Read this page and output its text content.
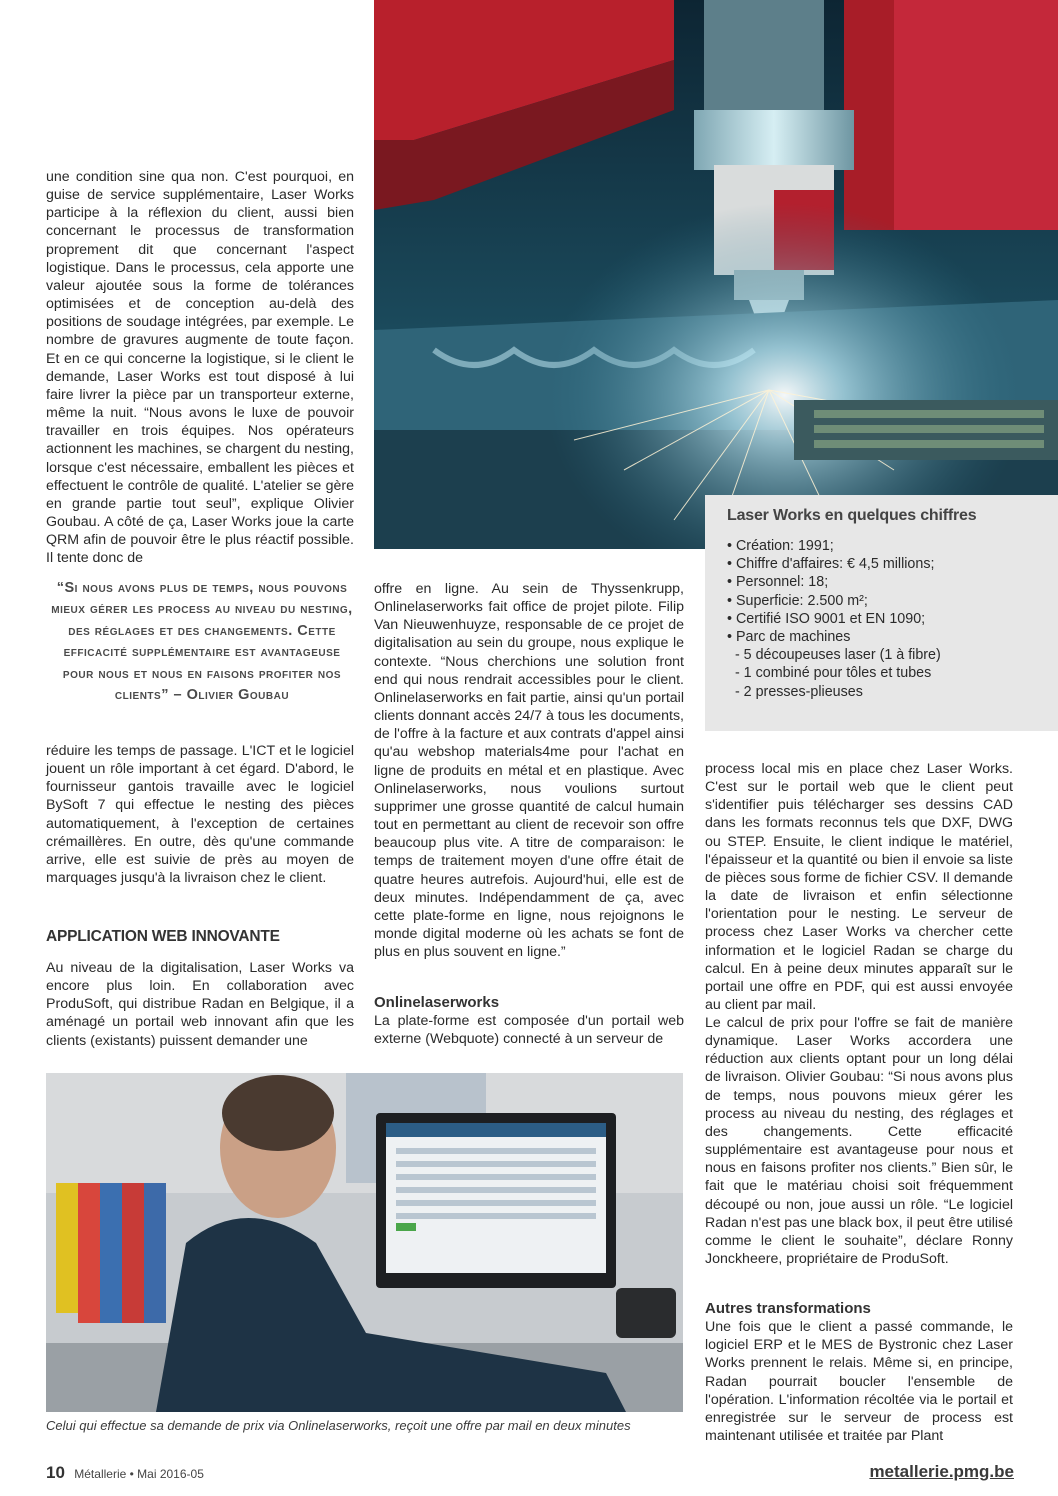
une condition sine qua non. C'est pourquoi, en guise de service supplémentaire, Laser Works participe à la réflexion du client, aussi bien concernant le processus de transformation proprement dit que concernant l'aspect logistique. Dans le processus, cela apporte une valeur ajoutée sous la forme de tolérances optimisées et de conception au-delà des positions de soudage intégrées, par exemple. Le nombre de gravures augmente de toute façon. Et en ce qui concerne la logistique, si le client le demande, Laser Works est tout disposé à lui faire livrer la pièce par un transporteur externe, même la nuit. “Nous avons le luxe de pouvoir travailler en trois équipes. Nos opérateurs actionnent les machines, se chargent du nesting, lorsque c'est nécessaire, emballent les pièces et effectuent le contrôle de qualité. L'atelier se gère en grande partie tout seul”, explique Olivier Goubau. A côté de ça, Laser Works joue la carte QRM afin de pouvoir être le plus réactif possible. Il tente donc de

“Si nous avons plus de temps, nous pouvons mieux gérer les process au niveau du nesting, des réglages et des changements. Cette efficacité supplémentaire est avantageuse pour nous et nous en faisons profiter nos clients” – Olivier Goubau

réduire les temps de passage. L'ICT et le logiciel jouent un rôle important à cet égard. D'abord, le fournisseur gantois travaille avec le logiciel BySoft 7 qui effectue le nesting des pièces automatiquement, à l'exception de certaines crémaillères. En outre, dès qu'une commande arrive, elle est suivie de près au moyen de marquages jusqu'à la livraison chez le client.

APPLICATION WEB INNOVANTE

Au niveau de la digitalisation, Laser Works va encore plus loin. En collaboration avec ProduSoft, qui distribue Radan en Belgique, il a aménagé un portail web innovant afin que les clients (existants) puissent demander une

offre en ligne. Au sein de Thyssenkrupp, Onlinelaserworks fait office de projet pilote. Filip Van Nieuwenhuyze, responsable de ce projet de digitalisation au sein du groupe, nous explique le contexte. “Nous cherchions une solution front end qui nous rendrait accessibles pour le client. Onlinelaserworks en fait partie, ainsi qu'un portail clients donnant accès 24/7 à tous les documents, de l'offre à la facture et aux contrats d'appel ainsi qu'au webshop materials4me pour l'achat en ligne de produits en métal et en plastique. Avec Onlinelaserworks, nous voulions surtout supprimer une grosse quantité de calcul humain tout en permettant au client de recevoir son offre beaucoup plus vite. A titre de comparaison: le temps de traitement moyen d'une offre était de quatre heures autrefois. Aujourd'hui, elle est de deux minutes. Indépendamment de ça, avec cette plate-forme en ligne, nous rejoignons le monde digital moderne où les achats se font de plus en plus souvent en ligne.”

Onlinelaserworks

La plate-forme est composée d'un portail web externe (Webquote) connecté à un serveur de

Laser Works en quelques chiffres
• Création: 1991;
• Chiffre d'affaires: € 4,5 millions;
• Personnel: 18;
• Superficie: 2.500 m²;
• Certifié ISO 9001 et EN 1090;
• Parc de machines
- 5 découpeuses laser (1 à fibre)
- 1 combiné pour tôles et tubes
- 2 presses-plieuses

process local mis en place chez Laser Works. C'est sur le portail web que le client peut s'identifier puis télécharger ses dessins CAD dans les formats reconnus tels que DXF, DWG ou STEP. Ensuite, le client indique le matériel, l'épaisseur et la quantité ou bien il envoie sa liste de pièces sous forme de fichier CSV. Il demande la date de livraison et enfin sélectionne l'orientation pour le nesting. Le serveur de process chez Laser Works va chercher cette information et le logiciel Radan se charge du calcul. En à peine deux minutes apparaît sur le portail une offre en PDF, qui est aussi envoyée au client par mail.

Le calcul de prix pour l'offre se fait de manière dynamique. Laser Works accordera une réduction aux clients optant pour un long délai de livraison. Olivier Goubau: “Si nous avons plus de temps, nous pouvons mieux gérer les process au niveau du nesting, des réglages et des changements. Cette efficacité supplémentaire est avantageuse pour nous et nous en faisons profiter nos clients.” Bien sûr, le fait que le matériau choisi soit fréquemment découpé ou non, joue aussi un rôle. “Le logiciel Radan n'est pas une black box, il peut être utilisé comme le client le souhaite”, déclare Ronny Jonckheere, propriétaire de ProduSoft.

Autres transformations

Une fois que le client a passé commande, le logiciel ERP et le MES de Bystronic chez Laser Works prennent le relais. Même si, en principe, Radan pourrait boucler l'ensemble de l'opération. L'information récoltée via le portail et enregistrée sur le serveur de process est maintenant utilisée et traitée par Plant

Celui qui effectue sa demande de prix via Onlinelaserworks, reçoit une offre par mail en deux minutes
10 Métallerie • Mai 2016-05	metallerie.pmg.be
